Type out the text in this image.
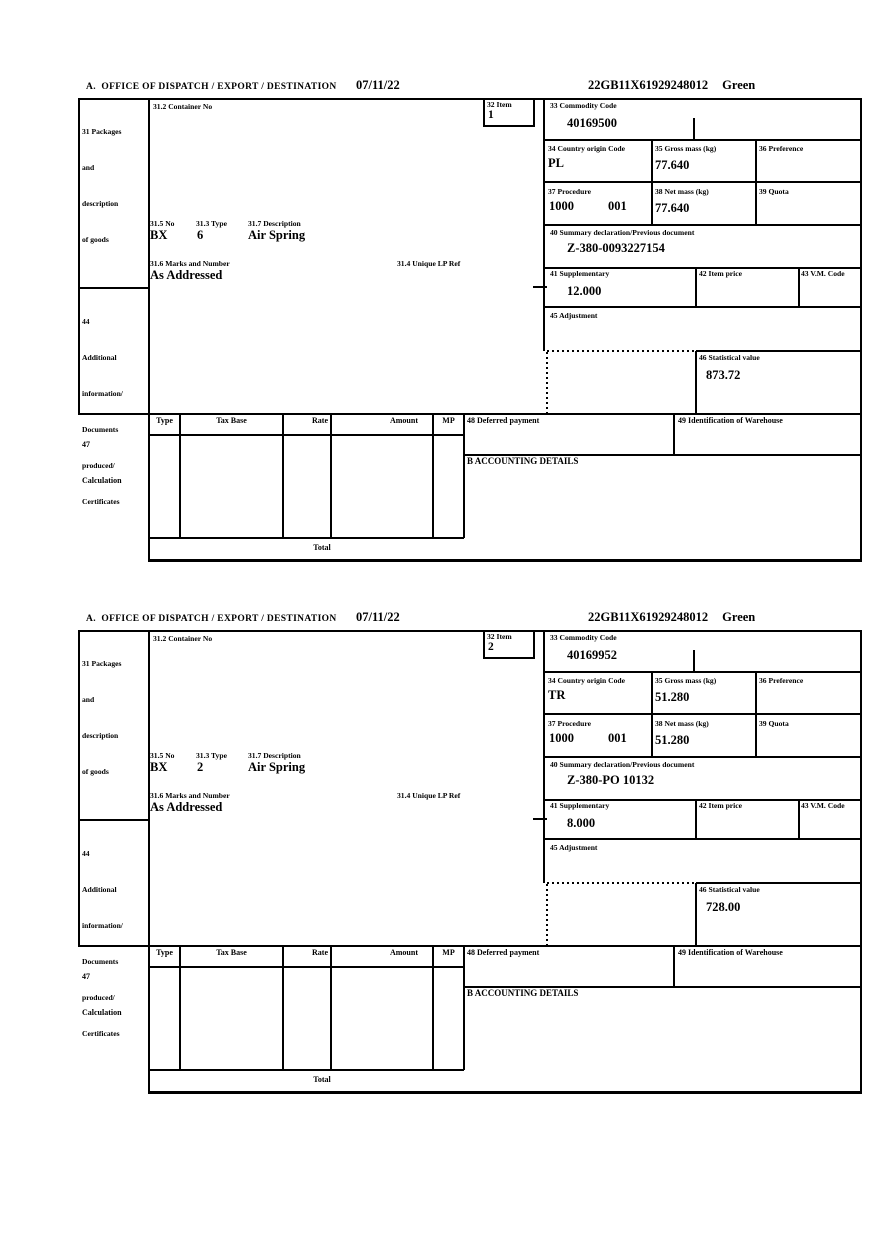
A.  OFFICE OF DISPATCH / EXPORT / DESTINATION 07/11/22	22GB11X61929248012 Green

31 Packages

and

description

of goods

31.2 Container No	32 Item
1
33 Commodity Code
40169500
34 Country origin Code
PL
35 Gross mass (kg)
77.640
36 Preference
37 Procedure
1000	001
38 Net mass (kg)
77.640
39 Quota
31.5 No	31.3 Type	31.7 Description
BX 6	Air Spring
31.6 Marks and Number	31.4 Unique LP Ref
As Addressed
40 Summary declaration/Previous document
Z-380-0093227154
41 Supplementary
12.000
42 Item price	43 V.M. Code
45 Adjustment
46 Statistical value
873.72

44

Additional

information/

Documents

produced/

Certificates

47

Calculation

Type	Tax Base	Rate	Amount	MP	48 Deferred payment	49 Identification of Warehouse
B ACCOUNTING DETAILS
Total
A.  OFFICE OF DISPATCH / EXPORT / DESTINATION 07/11/22	22GB11X61929248012 Green

31 Packages

and

description

of goods

31.2 Container No	32 Item
2
33 Commodity Code
40169952
34 Country origin Code
TR
35 Gross mass (kg)
51.280
36 Preference
37 Procedure
1000	001
38 Net mass (kg)
51.280
39 Quota
31.5 No	31.3 Type	31.7 Description
BX 2	Air Spring
31.6 Marks and Number	31.4 Unique LP Ref
As Addressed
40 Summary declaration/Previous document
Z-380-PO 10132
41 Supplementary
8.000
42 Item price	43 V.M. Code
45 Adjustment
46 Statistical value
728.00

44

Additional

information/

Documents

produced/

Certificates

47

Calculation

Type	Tax Base	Rate	Amount	MP	48 Deferred payment	49 Identification of Warehouse
B ACCOUNTING DETAILS
Total
